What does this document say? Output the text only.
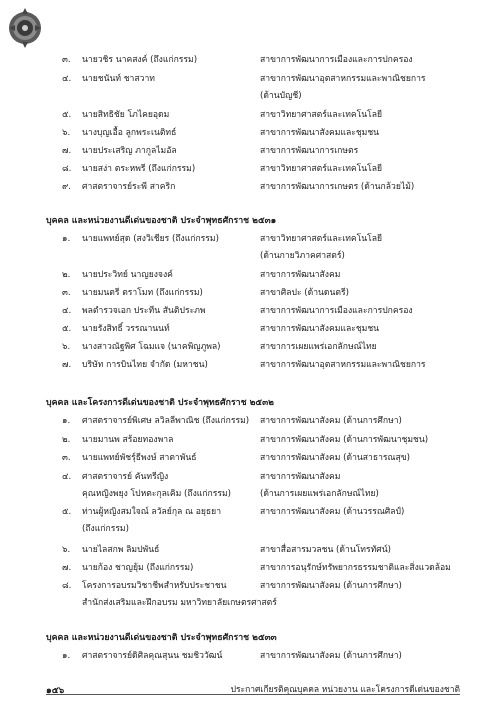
๓.	นายวชิร นาคสงค์ (ถึงแก่กรรม)	สาขาการพัฒนาการเมืองและการปกครอง
๔.	นายชนันท์ ชาสวาท	สาขาการพัฒนาอุตสาหกรรมและพาณิชยการ
(ด้านบัญชี)
๕.	นายสิทธิชัย โภไคยอุดม	สาขาวิทยาศาสตร์และเทคโนโลยี
๖.	นางบุญเอื้อ ลูกพระเนติทธ์	สาขาการพัฒนาสังคมและชุมชน
๗.	นายประเสริญ ภากูลไมอัล	สาขาการพัฒนาการเกษตร
๘.	นายสง่า ตระหพรี (ถึงแก่กรรม)	สาขาวิทยาศาสตร์และเทคโนโลยี
๙.	ศาสตราจารย์ระพี สาคริก	สาขาการพัฒนาการเกษตร (ด้านกล้วยไม้)
บุคคล และหน่วยงานดีเด่นของชาติ ประจำพุทธศักราช ๒๕๓๑
๑.	นายแพทย์สุด (สงวิเชียร (ถึงแก่กรรม)	สาขาวิทยาศาสตร์และเทคโนโลยี
(ด้านกายวิภาคศาสตร์)
๒.	นายประวิทย์ นาญยงจงค์	สาขาการพัฒนาสังคม
๓.	นายมนตรี ตราโมท (ถึงแก่กรรม)	สาขาศิลปะ (ด้านดนตรี)
๔.	พลตำรวจเอก ประทีน สันติประภพ	สาขาการพัฒนาการเมืองและการปกครอง
๕.	นายรังสิทธิ์ วรรณานนท์	สาขาการพัฒนาสังคมและชุมชน
๖.	นางสาวณัฐพิศ โฉมแจ (นาคพิญภูพล)	สาขาการเผยแพร่เอกลักษณ์ไทย
๗.	บริษัท การบินไทย จำกัด (มหาชน)	สาขาการพัฒนาอุตสาหกรรมและพาณิชยการ
บุคคล และโครงการดีเด่นของชาติ ประจำพุทธศักราช ๒๕๓๒
๑.	ศาสตราจารย์พิเศษ ลวิลลีพาณิช (ถึงแก่กรรม) สาขาการพัฒนาสังคม (ด้านการศึกษา)
๒.	นายมานพ สร้อยทองพาล	สาขาการพัฒนาสังคม (ด้านการพัฒนาชุมชน)
๓.	นายแพทย์พัชรุ์ธีพงษ์ สาตาพันธ์	สาขาการพัฒนาสังคม (ด้านสาธารณสุข)
๔.	ศาสตราจารย์ คันทรีญิง	สาขาการพัฒนาสังคม
คุณหญิงพยุง โปหตะกุลเคิม (ถึงแก่กรรม)	(ด้านการเผยแพร่เอกลักษณ์ไทย)
๕.	ท่านผู้หญิงสมใจณ์ ลวัลย์กุล ณ อยุธยา	สาขาการพัฒนาสังคม (ด้านวรรณศิลป์)
(ถึงแก่กรรม)
๖.	นายไลสกพ ลิมปพันธ์	สาขาสื่อสารมวลชน (ด้านโทรทัศน์)
๗.	นายก้อง ชาญยุ้ม (ถึงแก่กรรม)	สาขาการอนุรักษ์ทรัพยากรธรรมชาติและสิ่งแวดล้อม
๘.	โครงการอบรมวิชาชีพสำหรับประชาชน	สาขาการพัฒนาสังคม (ด้านการศึกษา)
สำนักส่งเสริมและฝึกอบรม มหาวิทยาลัยเกษตรศาสตร์
บุคคล และหน่วยงานดีเด่นของชาติ ประจำพุทธศักราช ๒๕๓๓
๑.	ศาสตราจารย์ดิศิลคุณสุนน ชมชิววัฒน์	สาขาการพัฒนาสังคม (ด้านการศึกษา)
๑๕๖	ประกาศเกียรติคุณบุคคล หน่วยงาน และโครงการดีเด่นของชาติ
